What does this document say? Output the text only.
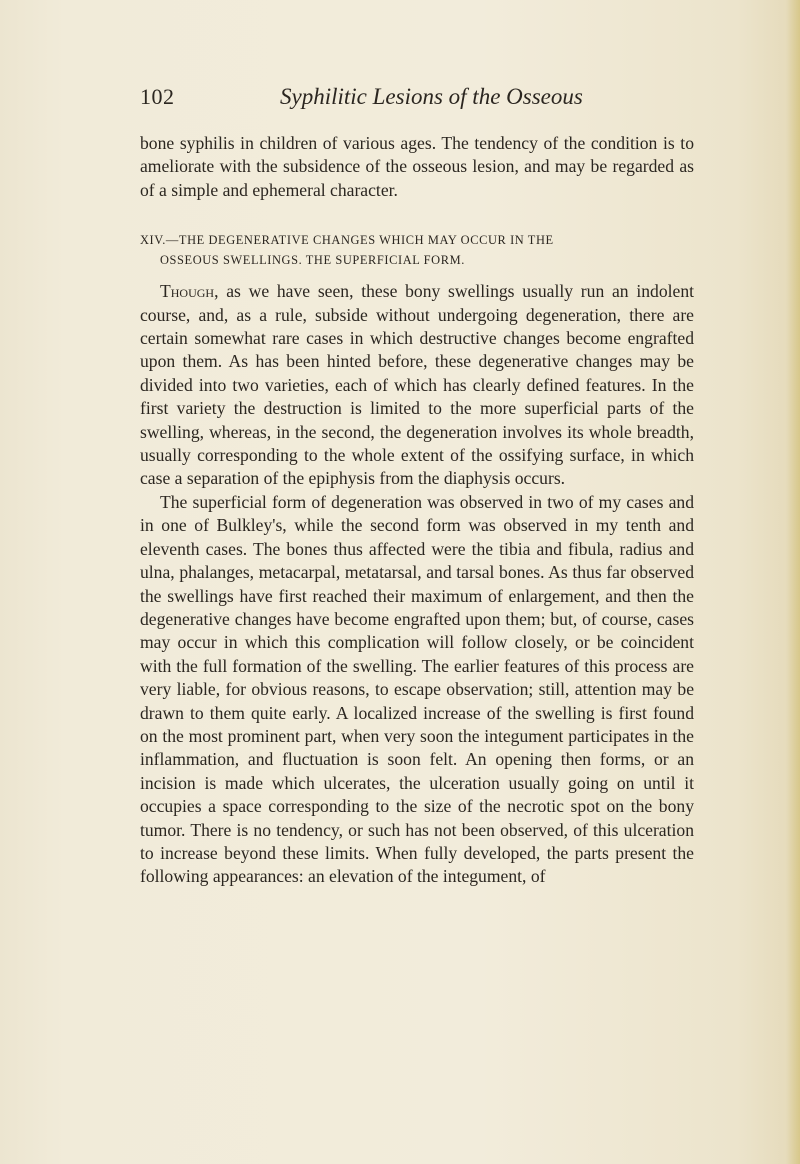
102	Syphilitic Lesions of the Osseous

bone syphilis in children of various ages. The tendency of the condition is to ameliorate with the subsidence of the osseous lesion, and may be regarded as of a simple and ephemeral character.

XIV.—THE DEGENERATIVE CHANGES WHICH MAY OCCUR IN THE
OSSEOUS SWELLINGS. THE SUPERFICIAL FORM.

Though, as we have seen, these bony swellings usually run an indolent course, and, as a rule, subside without undergoing degeneration, there are certain somewhat rare cases in which destructive changes become engrafted upon them. As has been hinted before, these degenerative changes may be divided into two varieties, each of which has clearly defined features. In the first variety the destruction is limited to the more superficial parts of the swelling, whereas, in the second, the degeneration involves its whole breadth, usually corresponding to the whole extent of the ossifying surface, in which case a separation of the epiphysis from the diaphysis occurs.

The superficial form of degeneration was observed in two of my cases and in one of Bulkley's, while the second form was observed in my tenth and eleventh cases. The bones thus affected were the tibia and fibula, radius and ulna, phalanges, metacarpal, metatarsal, and tarsal bones. As thus far observed the swellings have first reached their maximum of enlargement, and then the degenerative changes have become engrafted upon them; but, of course, cases may occur in which this complication will follow closely, or be coincident with the full formation of the swelling. The earlier features of this process are very liable, for obvious reasons, to escape observation; still, attention may be drawn to them quite early. A localized increase of the swelling is first found on the most prominent part, when very soon the integument participates in the inflammation, and fluctuation is soon felt. An opening then forms, or an incision is made which ulcerates, the ulceration usually going on until it occupies a space corresponding to the size of the necrotic spot on the bony tumor. There is no tendency, or such has not been observed, of this ulceration to increase beyond these limits. When fully developed, the parts present the following appearances: an elevation of the integument, of
